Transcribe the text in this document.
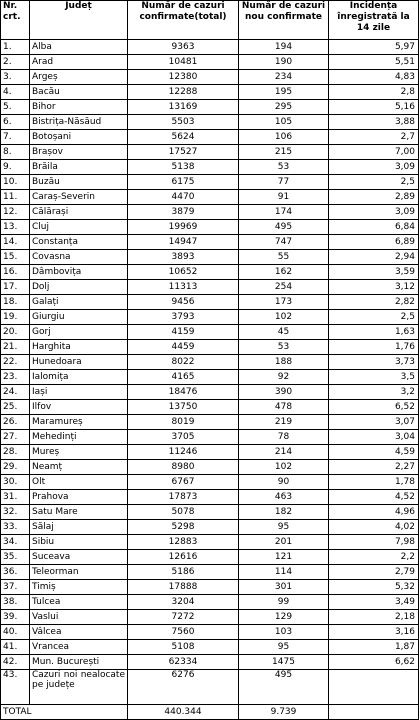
Nr. crt.	Județ	Număr de cazuri confirmate(total)	Număr de cazuri nou confirmate	Incidența înregistrată la 14 zile
1.	Alba	9363	194	5,97
2.	Arad	10481	190	5,51
3.	Argeș	12380	234	4,83
4.	Bacău	12288	195	2,8
5.	Bihor	13169	295	5,16
6.	Bistrița-Năsăud	5503	105	3,88
7.	Botoșani	5624	106	2,7
8.	Brașov	17527	215	7,00
9.	Brăila	5138	53	3,09
10.	Buzău	6175	77	2,5
11.	Caraș-Severin	4470	91	2,89
12.	Călărași	3879	174	3,09
13.	Cluj	19969	495	6,84
14.	Constanța	14947	747	6,89
15.	Covasna	3893	55	2,94
16.	Dâmbovița	10652	162	3,59
17.	Dolj	11313	254	3,12
18.	Galați	9456	173	2,82
19.	Giurgiu	3793	102	2,5
20.	Gorj	4159	45	1,63
21.	Harghita	4459	53	1,76
22.	Hunedoara	8022	188	3,73
23.	Ialomița	4165	92	3,5
24.	Iași	18476	390	3,2
25.	Ilfov	13750	478	6,52
26.	Maramureș	8019	219	3,07
27.	Mehedinți	3705	78	3,04
28.	Mureș	11246	214	4,59
29.	Neamț	8980	102	2,27
30.	Olt	6767	90	1,78
31.	Prahova	17873	463	4,52
32.	Satu Mare	5078	182	4,96
33.	Sălaj	5298	95	4,02
34.	Sibiu	12883	201	7,98
35.	Suceava	12616	121	2,2
36.	Teleorman	5186	114	2,79
37.	Timiș	17888	301	5,32
38.	Tulcea	3204	99	3,49
39.	Vaslui	7272	129	2,18
40.	Vâlcea	7560	103	3,16
41.	Vrancea	5108	95	1,87
42.	Mun. București	62334	1475	6,62
43.	Cazuri noi nealocate pe județe	6276	495	
TOTAL		440.344	9.739	
